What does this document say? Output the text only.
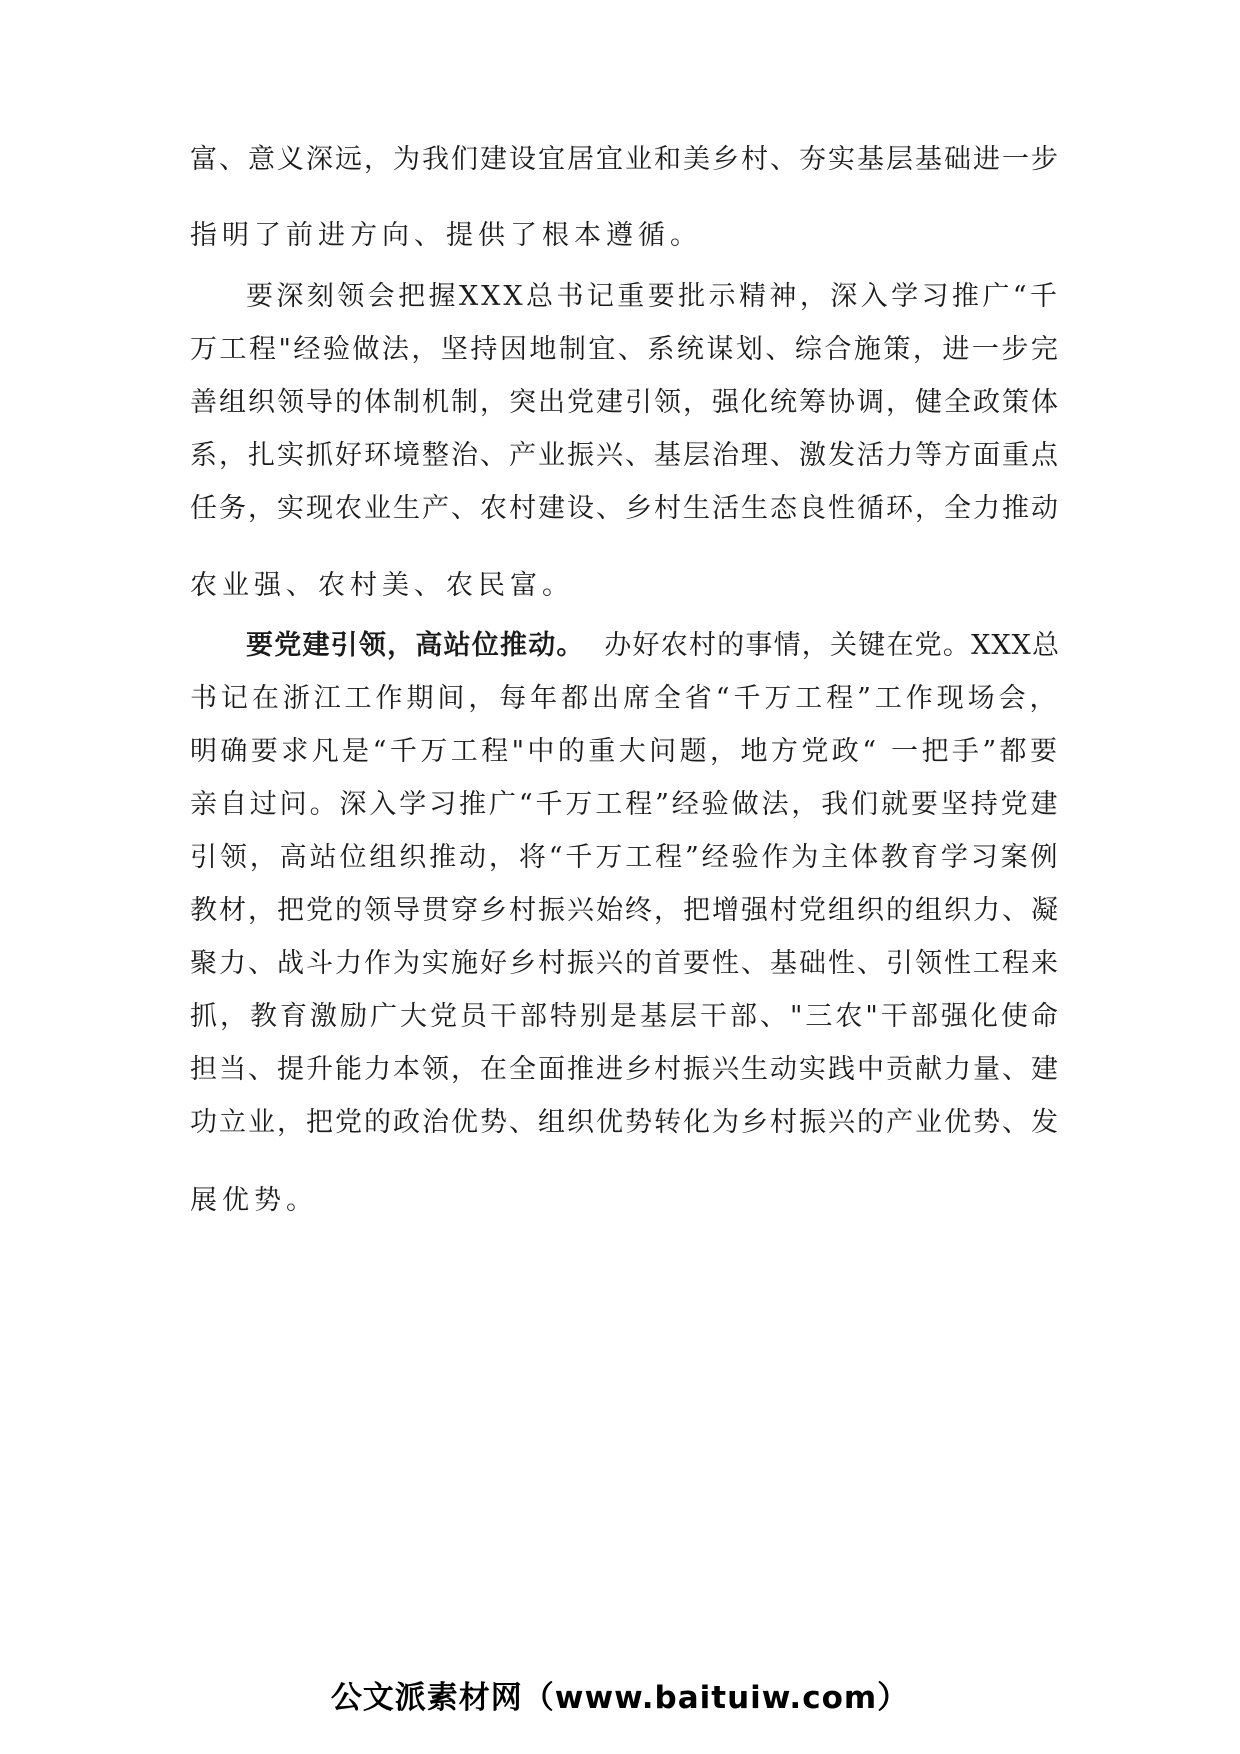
富、意义深远，为我们建设宜居宜业和美乡村、夯实基层基础进一步
指明了前进方向、提供了根本遵循。
要深刻领会把握XXX总书记重要批示精神，深入学习推广“千
万工程"经验做法，坚持因地制宜、系统谋划、综合施策，进一步完
善组织领导的体制机制，突出党建引领，强化统筹协调，健全政策体
系，扎实抓好环境整治、产业振兴、基层治理、激发活力等方面重点
任务，实现农业生产、农村建设、乡村生活生态良性循环，全力推动
农业强、农村美、农民富。
要党建引领，高站位推动。 办好农村的事情，关键在党。XXX总
书记在浙江工作期间，每年都出席全省“千万工程”工作现场会，
明确要求凡是“千万工程"中的重大问题，地方党政“ 一把手”都要
亲自过问。深入学习推广“千万工程”经验做法，我们就要坚持党建
引领，高站位组织推动，将“千万工程”经验作为主体教育学习案例
教材，把党的领导贯穿乡村振兴始终，把增强村党组织的组织力、凝
聚力、战斗力作为实施好乡村振兴的首要性、基础性、引领性工程来
抓，教育激励广大党员干部特别是基层干部、"三农"干部强化使命
担当、提升能力本领，在全面推进乡村振兴生动实践中贡献力量、建
功立业，把党的政治优势、组织优势转化为乡村振兴的产业优势、发
展优势。
公文派素材网（www.baituiw.com）
